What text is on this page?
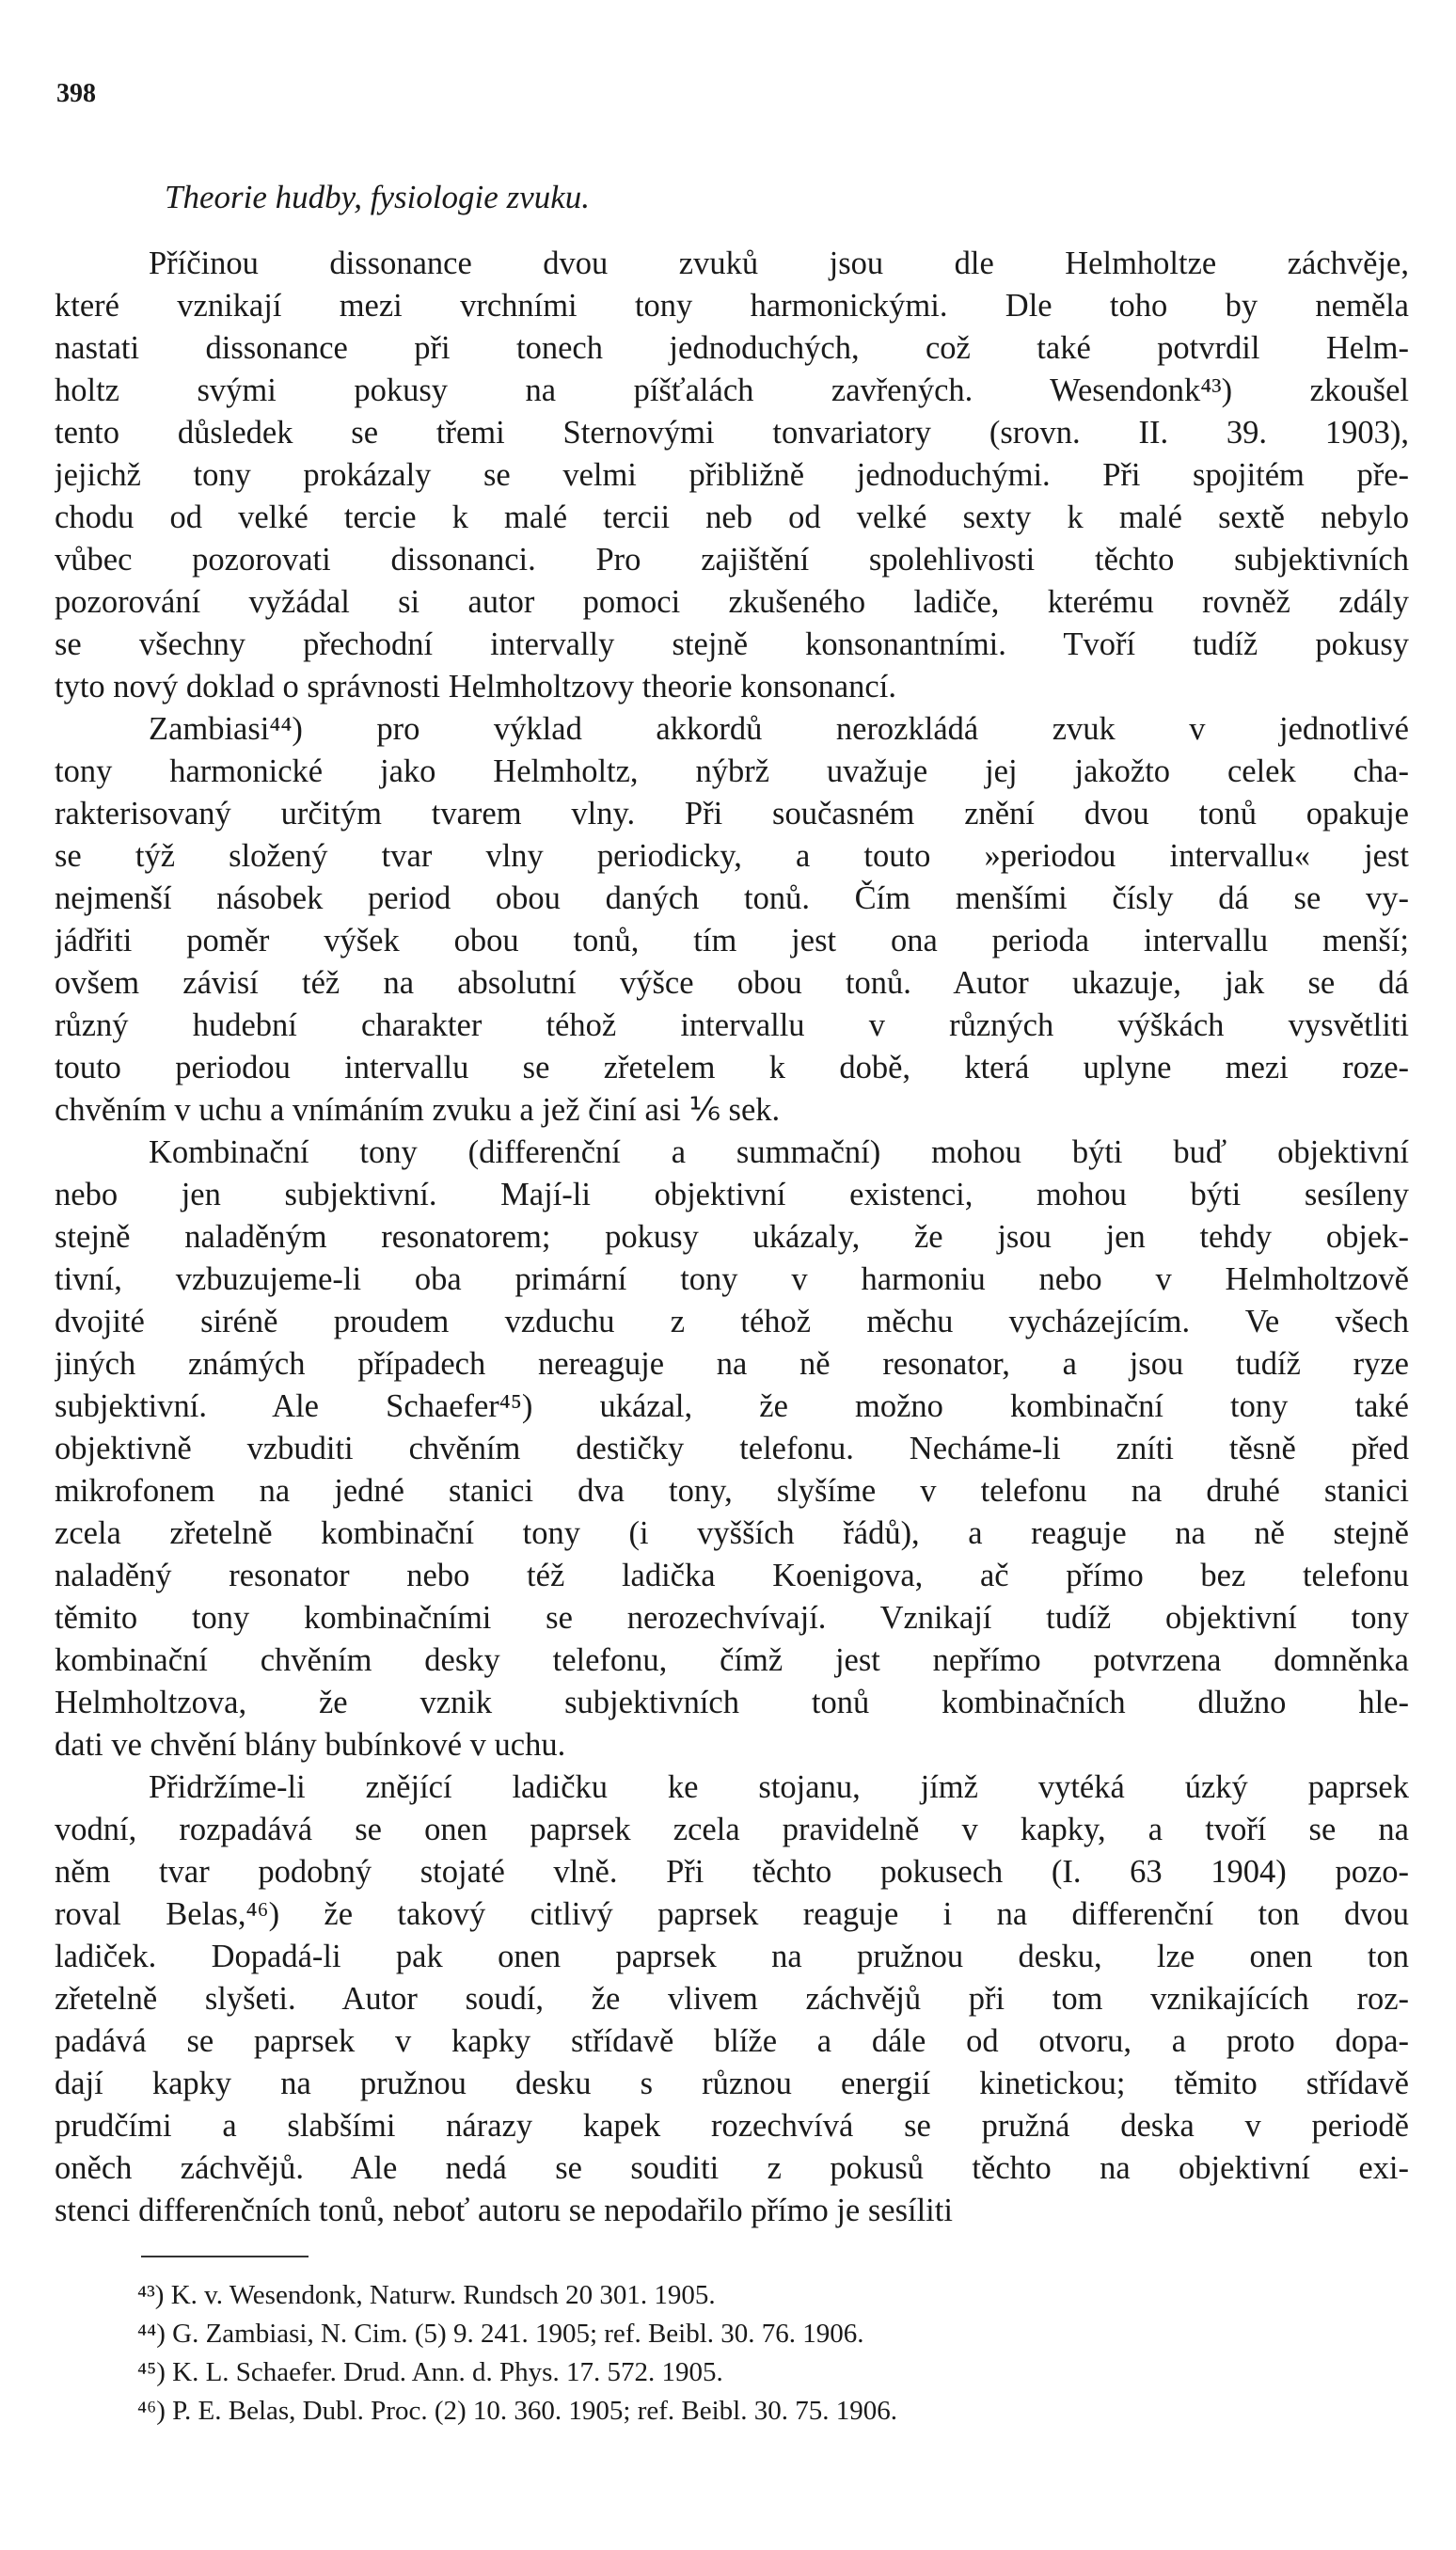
398
Theorie hudby, fysiologie zvuku.
Příčinou dissonance dvou zvuků jsou dle Helmholtze záchvěje,
které vznikají mezi vrchními tony harmonickými. Dle toho by neměla
nastati dissonance při tonech jednoduchých, což také potvrdil Helm-
holtz svými pokusy na píšťalách zavřených. Wesendonk⁴³) zkoušel
tento důsledek se třemi Sternovými tonvariatory (srovn. II. 39. 1903),
jejichž tony prokázaly se velmi přibližně jednoduchými. Při spojitém pře-
chodu od velké tercie k malé tercii neb od velké sexty k malé sextě nebylo
vůbec pozorovati dissonanci. Pro zajištění spolehlivosti těchto subjektivních
pozorování vyžádal si autor pomoci zkušeného ladiče, kterému rovněž zdály
se všechny přechodní intervally stejně konsonantními. Tvoří tudíž pokusy
tyto nový doklad o správnosti Helmholtzovy theorie konsonancí.
Zambiasi⁴⁴) pro výklad akkordů nerozkládá zvuk v jednotlivé
tony harmonické jako Helmholtz, nýbrž uvažuje jej jakožto celek cha-
rakterisovaný určitým tvarem vlny. Při současném znění dvou tonů opakuje
se týž složený tvar vlny periodicky, a touto »periodou intervallu« jest
nejmenší násobek period obou daných tonů. Čím menšími čísly dá se vy-
jádřiti poměr výšek obou tonů, tím jest ona perioda intervallu menší;
ovšem závisí též na absolutní výšce obou tonů. Autor ukazuje, jak se dá
různý hudební charakter téhož intervallu v různých výškách vysvětliti
touto periodou intervallu se zřetelem k době, která uplyne mezi roze-
chvěním v uchu a vnímáním zvuku a jež činí asi ⅙ sek.
Kombinační tony (differenční a summační) mohou býti buď objektivní
nebo jen subjektivní. Mají-li objektivní existenci, mohou býti sesíleny
stejně naladěným resonatorem; pokusy ukázaly, že jsou jen tehdy objek-
tivní, vzbuzujeme-li oba primární tony v harmoniu nebo v Helmholtzově
dvojité siréně proudem vzduchu z téhož měchu vycházejícím. Ve všech
jiných známých případech nereaguje na ně resonator, a jsou tudíž ryze
subjektivní. Ale Schaefer⁴⁵) ukázal, že možno kombinační tony také
objektivně vzbuditi chvěním destičky telefonu. Necháme-li zníti těsně před
mikrofonem na jedné stanici dva tony, slyšíme v telefonu na druhé stanici
zcela zřetelně kombinační tony (i vyšších řádů), a reaguje na ně stejně
naladěný resonator nebo též ladička Koenigova, ač přímo bez telefonu
těmito tony kombinačními se nerozechvívají. Vznikají tudíž objektivní tony
kombinační chvěním desky telefonu, čímž jest nepřímo potvrzena domněnka
Helmholtzova, že vznik subjektivních tonů kombinačních dlužno hle-
dati ve chvění blány bubínkové v uchu.
Přidržíme-li znějící ladičku ke stojanu, jímž vytéká úzký paprsek
vodní, rozpadává se onen paprsek zcela pravidelně v kapky, a tvoří se na
něm tvar podobný stojaté vlně. Při těchto pokusech (I. 63 1904) pozo-
roval Belas,⁴⁶) že takový citlivý paprsek reaguje i na differenční ton dvou
ladiček. Dopadá-li pak onen paprsek na pružnou desku, lze onen ton
zřetelně slyšeti. Autor soudí, že vlivem záchvějů při tom vznikajících roz-
padává se paprsek v kapky střídavě blíže a dále od otvoru, a proto dopa-
dají kapky na pružnou desku s různou energií kinetickou; těmito střídavě
prudčími a slabšími nárazy kapek rozechvívá se pružná deska v periodě
oněch záchvějů. Ale nedá se souditi z pokusů těchto na objektivní exi-
stenci differenčních tonů, neboť autoru se nepodařilo přímo je sesíliti
⁴³) K. v. Wesendonk, Naturw. Rundsch 20 301. 1905.
⁴⁴) G. Zambiasi, N. Cim. (5) 9. 241. 1905; ref. Beibl. 30. 76. 1906.
⁴⁵) K. L. Schaefer. Drud. Ann. d. Phys. 17. 572. 1905.
⁴⁶) P. E. Belas, Dubl. Proc. (2) 10. 360. 1905; ref. Beibl. 30. 75. 1906.
